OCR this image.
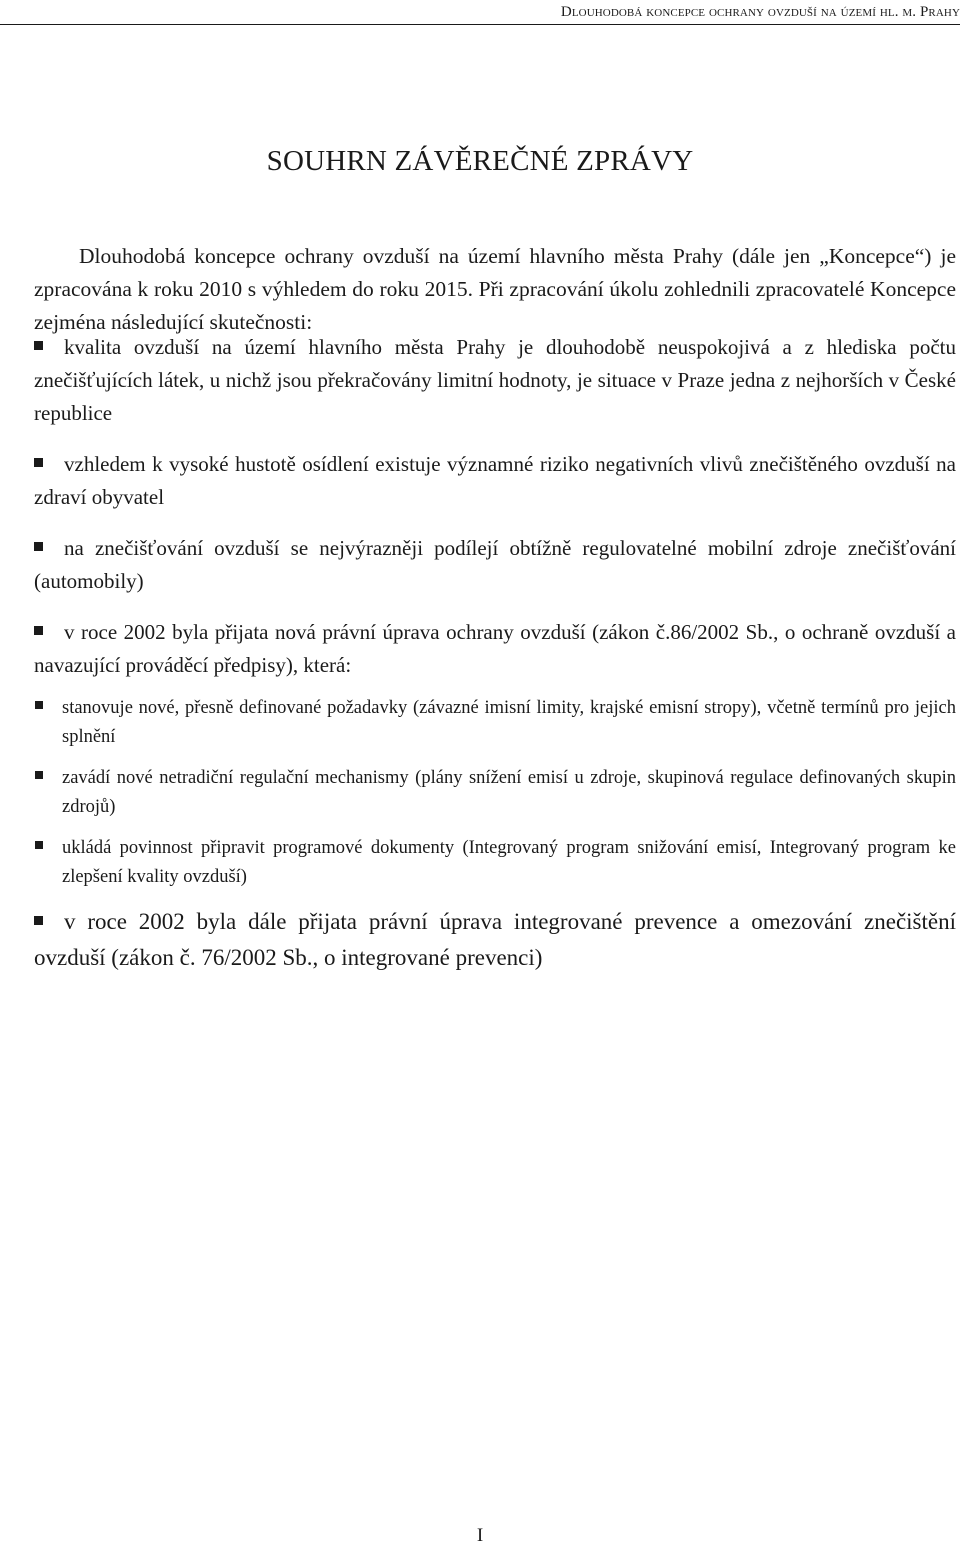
Dlouhodobá koncepce ochrany ovzduší na území hl. m. Prahy
SOUHRN ZÁVĚREČNÉ ZPRÁVY

Dlouhodobá koncepce ochrany ovzduší na území hlavního města Prahy (dále jen „Koncepce“) je zpracována k roku 2010 s výhledem do roku 2015. Při zpracování úkolu zohlednili zpracovatelé Koncepce zejména následující skutečnosti:

kvalita ovzduší na území hlavního města Prahy je dlouhodobě neuspokojivá a z hlediska počtu znečišťujících látek, u nichž jsou překračovány limitní hodnoty, je situace v Praze jedna z nejhorších v České republice
vzhledem k vysoké hustotě osídlení existuje významné riziko negativních vlivů znečištěného ovzduší na zdraví obyvatel
na znečišťování ovzduší se nejvýrazněji podílejí obtížně regulovatelné mobilní zdroje znečišťování (automobily)
v roce 2002 byla přijata nová právní úprava ochrany ovzduší (zákon č.86/2002 Sb., o ochraně ovzduší a navazující prováděcí předpisy), která:
stanovuje nové, přesně definované požadavky (závazné imisní limity, krajské emisní stropy), včetně termínů pro jejich splnění
zavádí nové netradiční regulační mechanismy (plány snížení emisí u zdroje, skupinová regulace definovaných skupin zdrojů)
ukládá povinnost připravit programové dokumenty (Integrovaný program snižování emisí, Integrovaný program ke zlepšení kvality ovzduší)
v roce 2002 byla dále přijata právní úprava integrované prevence a omezování znečištění ovzduší (zákon č. 76/2002 Sb., o integrované prevenci)
I
